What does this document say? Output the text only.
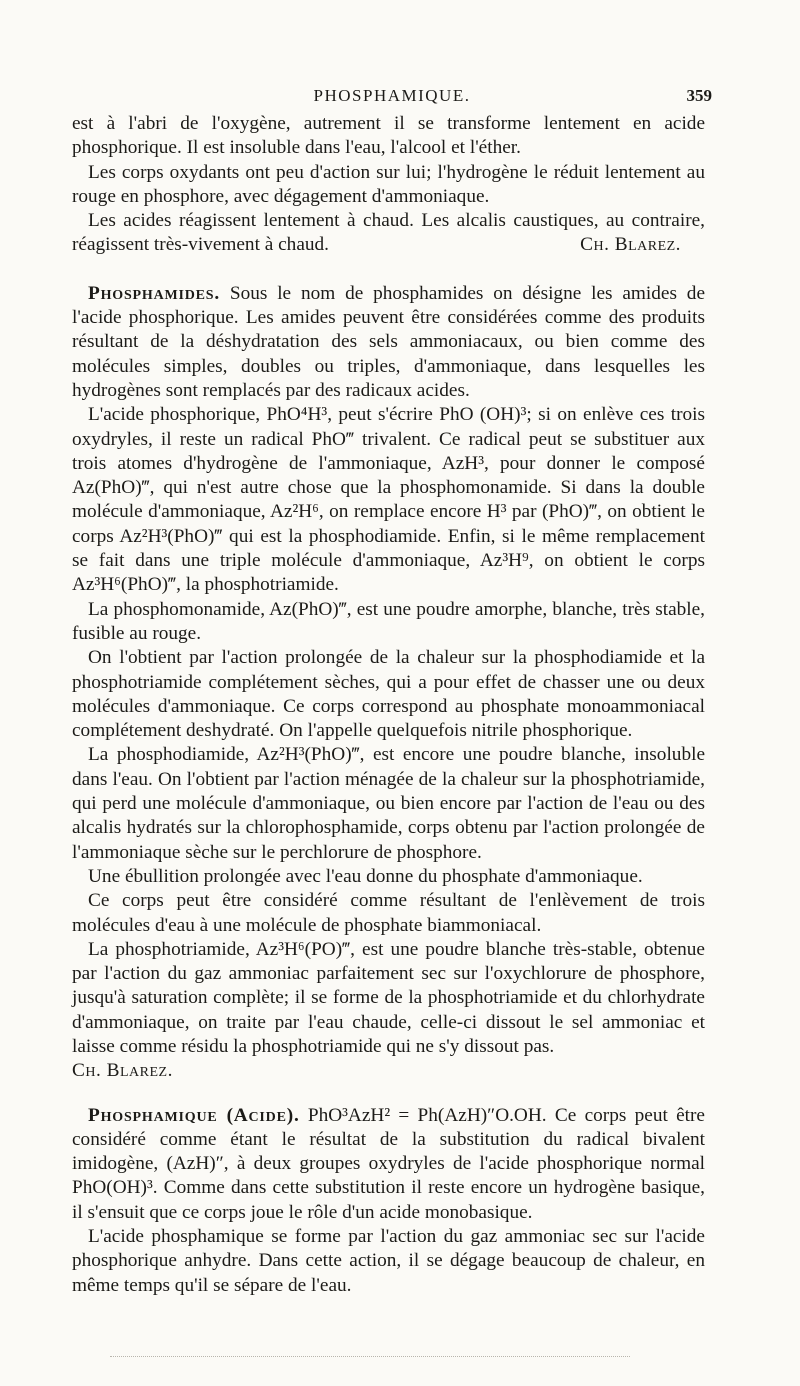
PHOSPHAMIQUE.	359

est à l'abri de l'oxygène, autrement il se transforme lentement en acide phosphorique. Il est insoluble dans l'eau, l'alcool et l'éther.

Les corps oxydants ont peu d'action sur lui; l'hydrogène le réduit lentement au rouge en phosphore, avec dégagement d'ammoniaque.

Les acides réagissent lentement à chaud. Les alcalis caustiques, au contraire, réagissent très-vivement à chaud.	Ch. Blarez.

Phosphamides. Sous le nom de phosphamides on désigne les amides de l'acide phosphorique. Les amides peuvent être considérées comme des produits résultant de la déshydratation des sels ammoniacaux, ou bien comme des molécules simples, doubles ou triples, d'ammoniaque, dans lesquelles les hydrogènes sont remplacés par des radicaux acides.

L'acide phosphorique, PhO⁴H³, peut s'écrire PhO (OH)³; si on enlève ces trois oxydryles, il reste un radical PhO‴ trivalent. Ce radical peut se substituer aux trois atomes d'hydrogène de l'ammoniaque, AzH³, pour donner le composé Az(PhO)‴, qui n'est autre chose que la phosphomonamide. Si dans la double molécule d'ammoniaque, Az²H⁶, on remplace encore H³ par (PhO)‴, on obtient le corps Az²H³(PhO)‴ qui est la phosphodiamide. Enfin, si le même remplacement se fait dans une triple molécule d'ammoniaque, Az³H⁹, on obtient le corps Az³H⁶(PhO)‴, la phosphotriamide.

La phosphomonamide, Az(PhO)‴, est une poudre amorphe, blanche, très stable, fusible au rouge.

On l'obtient par l'action prolongée de la chaleur sur la phosphodiamide et la phosphotriamide complétement sèches, qui a pour effet de chasser une ou deux molécules d'ammoniaque. Ce corps correspond au phosphate monoammoniacal complétement deshydraté. On l'appelle quelquefois nitrile phosphorique.

La phosphodiamide, Az²H³(PhO)‴, est encore une poudre blanche, insoluble dans l'eau. On l'obtient par l'action ménagée de la chaleur sur la phosphotriamide, qui perd une molécule d'ammoniaque, ou bien encore par l'action de l'eau ou des alcalis hydratés sur la chlorophosphamide, corps obtenu par l'action prolongée de l'ammoniaque sèche sur le perchlorure de phosphore.

Une ébullition prolongée avec l'eau donne du phosphate d'ammoniaque.

Ce corps peut être considéré comme résultant de l'enlèvement de trois molécules d'eau à une molécule de phosphate biammoniacal.

La phosphotriamide, Az³H⁶(PO)‴, est une poudre blanche très-stable, obtenue par l'action du gaz ammoniac parfaitement sec sur l'oxychlorure de phosphore, jusqu'à saturation complète; il se forme de la phosphotriamide et du chlorhydrate d'ammoniaque, on traite par l'eau chaude, celle-ci dissout le sel ammoniac et laisse comme résidu la phosphotriamide qui ne s'y dissout pas.

Ch. Blarez.

Phosphamique (Acide). PhO³AzH² = Ph(AzH)″O.OH. Ce corps peut être considéré comme étant le résultat de la substitution du radical bivalent imidogène, (AzH)″, à deux groupes oxydryles de l'acide phosphorique normal PhO(OH)³. Comme dans cette substitution il reste encore un hydrogène basique, il s'ensuit que ce corps joue le rôle d'un acide monobasique.

L'acide phosphamique se forme par l'action du gaz ammoniac sec sur l'acide phosphorique anhydre. Dans cette action, il se dégage beaucoup de chaleur, en même temps qu'il se sépare de l'eau.
